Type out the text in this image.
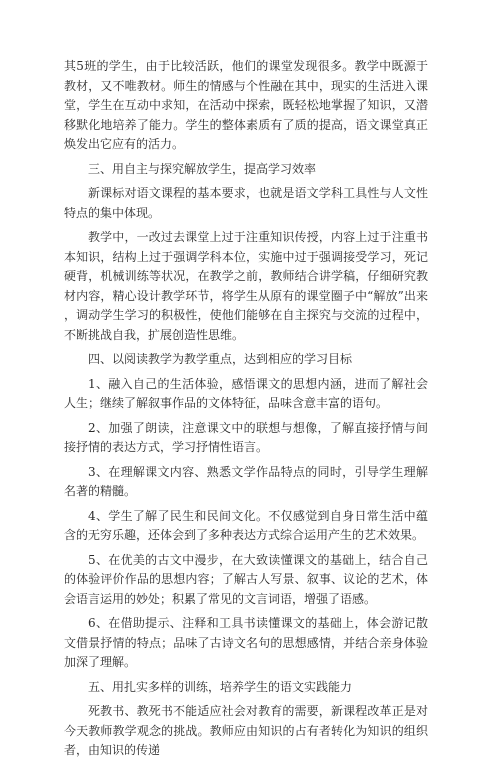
其5班的学生，由于比较活跃，他们的课堂发现很多。教学中既源于教材，又不唯教材。师生的情感与个性融在其中，现实的生活进入课堂，学生在互动中求知，在活动中探索，既轻松地掌握了知识，又潜移默化地培养了能力。学生的整体素质有了质的提高，语文课堂真正焕发出它应有的活力。

三、用自主与探究解放学生，提高学习效率

新课标对语文课程的基本要求，也就是语文学科工具性与人文性特点的集中体现。

教学中，一改过去课堂上过于注重知识传授，内容上过于注重书本知识，结构上过于强调学科本位，实施中过于强调接受学习，死记硬背，机械训练等状况，在教学之前，教师结合讲学稿，仔细研究教材内容，精心设计教学环节，将学生从原有的课堂圈子中“解放”出来，调动学生学习的积极性，使他们能够在自主探究与交流的过程中，不断挑战自我，扩展创造性思维。

四、以阅读教学为教学重点，达到相应的学习目标

1、融入自己的生活体验，感悟课文的思想内涵，进而了解社会人生；继续了解叙事作品的文体特征，品味含意丰富的语句。

2、加强了朗读，注意课文中的联想与想像，了解直接抒情与间接抒情的表达方式，学习抒情性语言。

3、在理解课文内容、熟悉文学作品特点的同时，引导学生理解名著的精髓。

4、学生了解了民生和民间文化。不仅感觉到自身日常生活中蕴含的无穷乐趣，还体会到了多种表达方式综合运用产生的艺术效果。

5、在优美的古文中漫步，在大致读懂课文的基础上，结合自己的体验评价作品的思想内容；了解古人写景、叙事、议论的艺术，体会语言运用的妙处；积累了常见的文言词语，增强了语感。

6、在借助提示、注释和工具书读懂课文的基础上，体会游记散文借景抒情的特点；品味了古诗文名句的思想感情，并结合亲身体验加深了理解。

五、用扎实多样的训练，培养学生的语文实践能力

死教书、教死书不能适应社会对教育的需要，新课程改革正是对今天教师教学观念的挑战。教师应由知识的占有者转化为知识的组织者，由知识的传递
